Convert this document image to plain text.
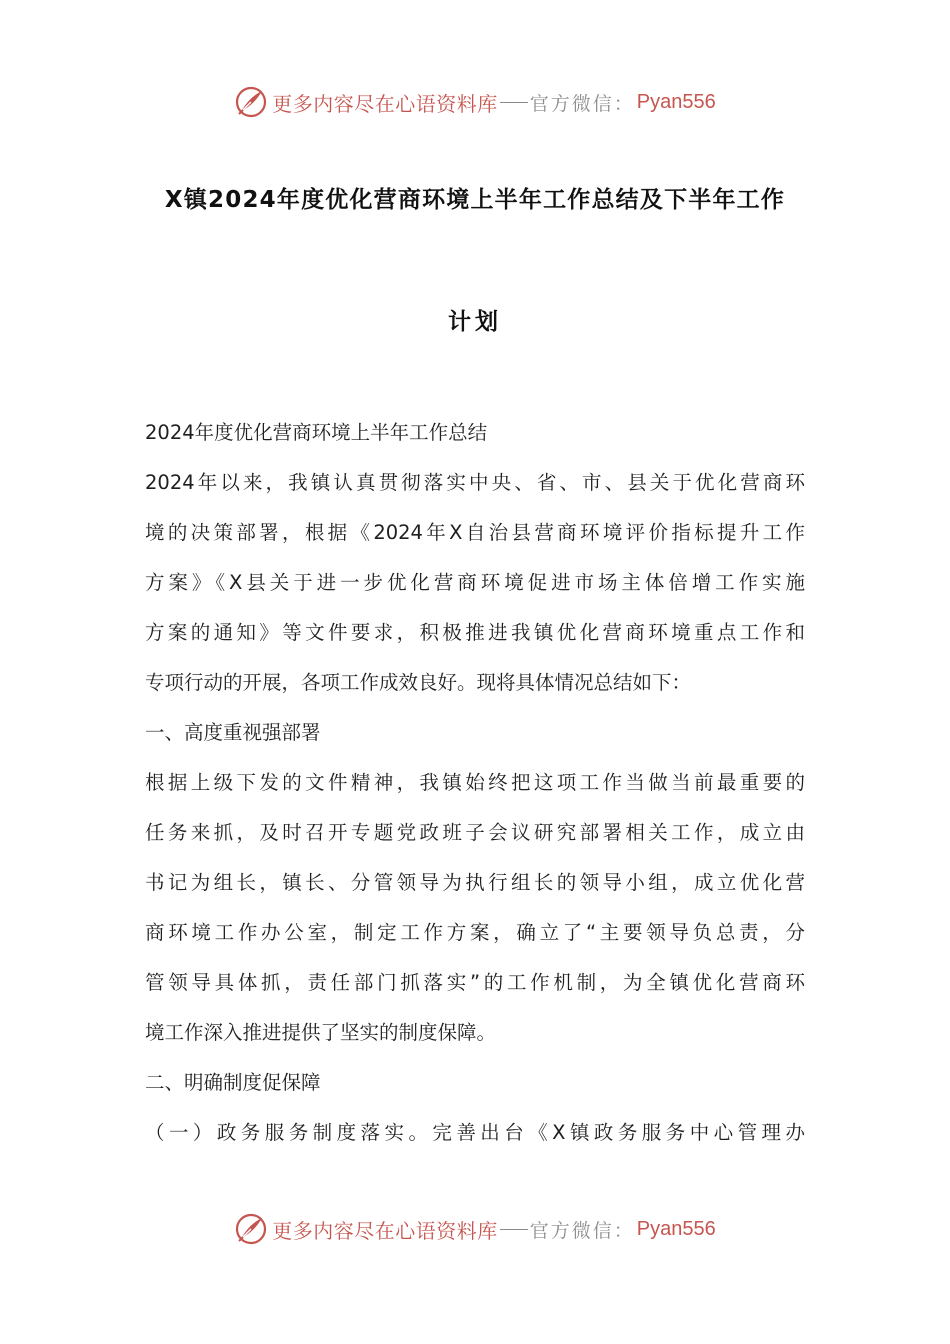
更多内容尽在心语资料库 官方微信： Pyan556
X镇2024年度优化营商环境上半年工作总结及下半年工作
计划
2024年度优化营商环境上半年工作总结
2024年以来，我镇认真贯彻落实中央、省、市、县关于优化营商环
境的决策部署，根据《2024年X自治县营商环境评价指标提升工作
方案》《X县关于进一步优化营商环境促进市场主体倍增工作实施
方案的通知》等文件要求，积极推进我镇优化营商环境重点工作和
专项行动的开展，各项工作成效良好。现将具体情况总结如下：
一、高度重视强部署
根据上级下发的文件精神，我镇始终把这项工作当做当前最重要的
任务来抓，及时召开专题党政班子会议研究部署相关工作，成立由
书记为组长，镇长、分管领导为执行组长的领导小组，成立优化营
商环境工作办公室，制定工作方案，确立了“主要领导负总责，分
管领导具体抓，责任部门抓落实”的工作机制，为全镇优化营商环
境工作深入推进提供了坚实的制度保障。
二、明确制度促保障
（一）政务服务制度落实。完善出台《X镇政务服务中心管理办
更多内容尽在心语资料库 官方微信： Pyan556
